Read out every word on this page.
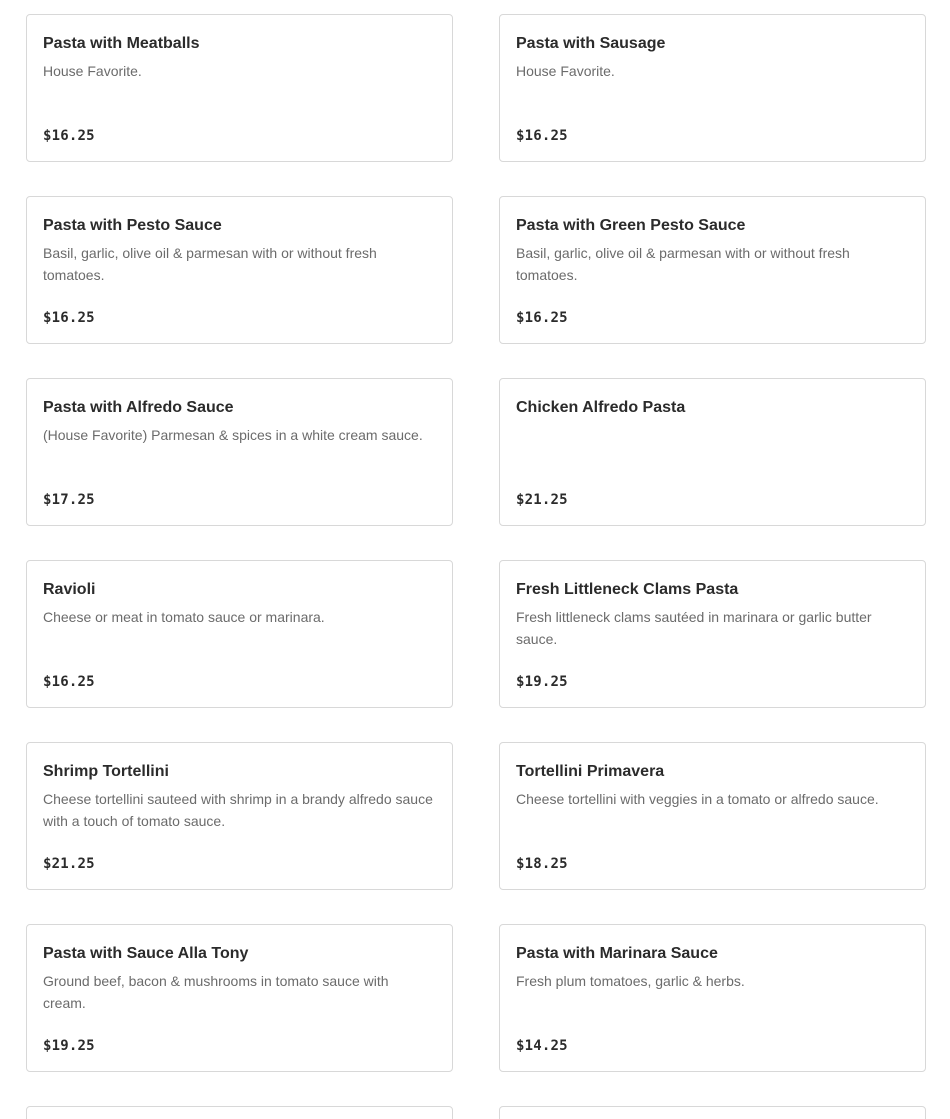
Pasta with Meatballs
House Favorite.
$16.25
Pasta with Sausage
House Favorite.
$16.25
Pasta with Pesto Sauce
Basil, garlic, olive oil & parmesan with or without fresh tomatoes.
$16.25
Pasta with Green Pesto Sauce
Basil, garlic, olive oil & parmesan with or without fresh tomatoes.
$16.25
Pasta with Alfredo Sauce
(House Favorite) Parmesan & spices in a white cream sauce.
$17.25
Chicken Alfredo Pasta
$21.25
Ravioli
Cheese or meat in tomato sauce or marinara.
$16.25
Fresh Littleneck Clams Pasta
Fresh littleneck clams sautéed in marinara or garlic butter sauce.
$19.25
Shrimp Tortellini
Cheese tortellini sauteed with shrimp in a brandy alfredo sauce with a touch of tomato sauce.
$21.25
Tortellini Primavera
Cheese tortellini with veggies in a tomato or alfredo sauce.
$18.25
Pasta with Sauce Alla Tony
Ground beef, bacon & mushrooms in tomato sauce with cream.
$19.25
Pasta with Marinara Sauce
Fresh plum tomatoes, garlic & herbs.
$14.25
